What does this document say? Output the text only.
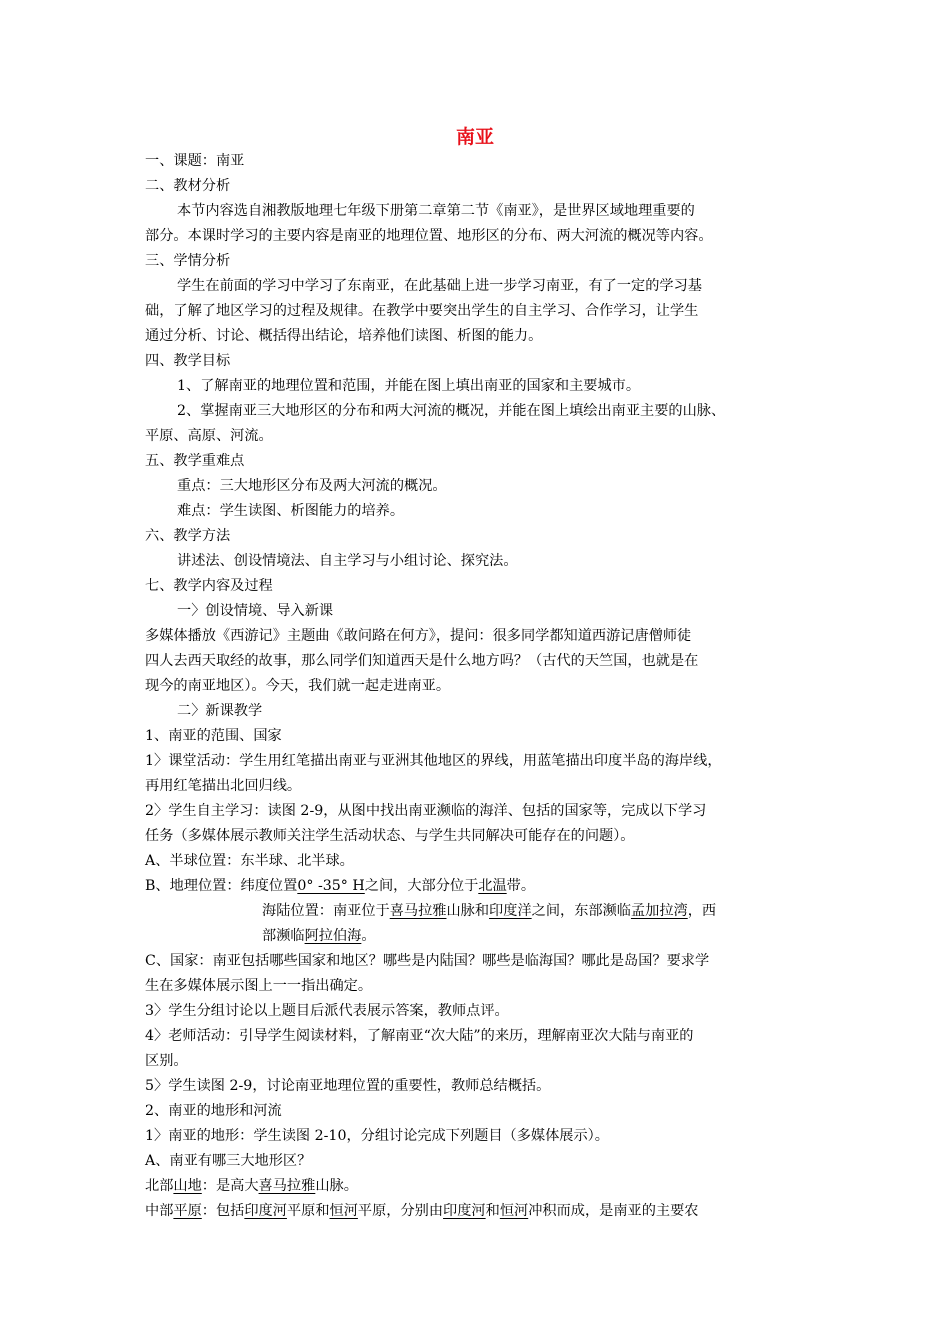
南亚
一、课题：南亚
二、教材分析
本节内容选自湘教版地理七年级下册第二章第二节《南亚》，是世界区域地理重要的
部分。本课时学习的主要内容是南亚的地理位置、地形区的分布、两大河流的概况等内容。
三、学情分析
学生在前面的学习中学习了东南亚，在此基础上进一步学习南亚，有了一定的学习基
础，了解了地区学习的过程及规律。在教学中要突出学生的自主学习、合作学习，让学生
通过分析、讨论、概括得出结论，培养他们读图、析图的能力。
四、教学目标
1、了解南亚的地理位置和范围，并能在图上填出南亚的国家和主要城市。
2、掌握南亚三大地形区的分布和两大河流的概况，并能在图上填绘出南亚主要的山脉、
平原、高原、河流。
五、教学重难点
重点：三大地形区分布及两大河流的概况。
难点：学生读图、析图能力的培养。
六、教学方法
讲述法、创设情境法、自主学习与小组讨论、探究法。
七、教学内容及过程
一〉创设情境、导入新课
多媒体播放《西游记》主题曲《敢问路在何方》，提问：很多同学都知道西游记唐僧师徒
四人去西天取经的故事，那么同学们知道西天是什么地方吗？（古代的天竺国，也就是在
现今的南亚地区）。今天，我们就一起走进南亚。
二〉新课教学
1、南亚的范围、国家
1〉课堂活动：学生用红笔描出南亚与亚洲其他地区的界线，用蓝笔描出印度半岛的海岸线，
再用红笔描出北回归线。
2〉学生自主学习：读图 2-9，从图中找出南亚濒临的海洋、包括的国家等，完成以下学习
任务（多媒体展示教师关注学生活动状态、与学生共同解决可能存在的问题）。
A、半球位置：东半球、北半球。
B、地理位置：纬度位置0° -35° H之间，大部分位于北温带。
海陆位置：南亚位于喜马拉雅山脉和印度洋之间，东部濒临孟加拉湾，西
部濒临阿拉伯海。
C、国家：南亚包括哪些国家和地区？哪些是内陆国？哪些是临海国？哪此是岛国？要求学
生在多媒体展示图上一一指出确定。
3〉学生分组讨论以上题目后派代表展示答案，教师点评。
4〉老师活动：引导学生阅读材料，了解南亚“次大陆”的来历，理解南亚次大陆与南亚的
区别。
5〉学生读图 2-9，讨论南亚地理位置的重要性，教师总结概括。
2、南亚的地形和河流
1〉南亚的地形：学生读图 2-10，分组讨论完成下列题目（多媒体展示）。
A、南亚有哪三大地形区？
北部山地：是高大喜马拉雅山脉。
中部平原：包括印度河平原和恒河平原，分别由印度河和恒河冲积而成，是南亚的主要农
